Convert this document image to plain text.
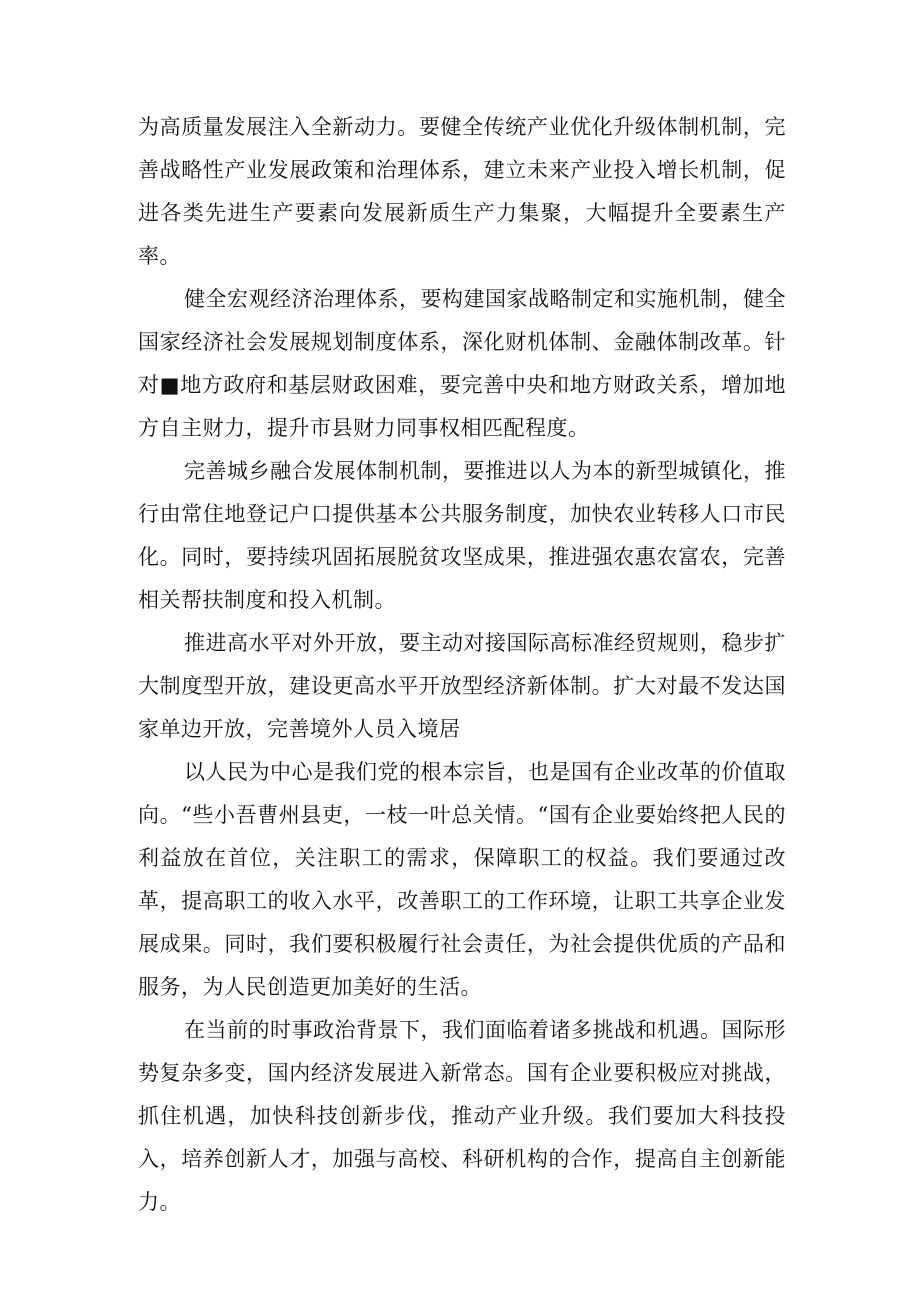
为高质量发展注入全新动力。要健全传统产业优化升级体制机制，完善战略性产业发展政策和治理体系，建立未来产业投入增长机制，促进各类先进生产要素向发展新质生产力集聚，大幅提升全要素生产率。

健全宏观经济治理体系，要构建国家战略制定和实施机制，健全国家经济社会发展规划制度体系，深化财机体制、金融体制改革。针对■地方政府和基层财政困难，要完善中央和地方财政关系，增加地方自主财力，提升市县财力同事权相匹配程度。

完善城乡融合发展体制机制，要推进以人为本的新型城镇化，推行由常住地登记户口提供基本公共服务制度，加快农业转移人口市民化。同时，要持续巩固拓展脱贫攻坚成果，推进强农惠农富农，完善相关帮扶制度和投入机制。

推进高水平对外开放，要主动对接国际高标准经贸规则，稳步扩大制度型开放，建设更高水平开放型经济新体制。扩大对最不发达国家单边开放，完善境外人员入境居

以人民为中心是我们党的根本宗旨，也是国有企业改革的价值取向。“些小吾曹州县吏，一枝一叶总关情。“国有企业要始终把人民的利益放在首位，关注职工的需求，保障职工的权益。我们要通过改革，提高职工的收入水平，改善职工的工作环境，让职工共享企业发展成果。同时，我们要积极履行社会责任，为社会提供优质的产品和服务，为人民创造更加美好的生活。

在当前的时事政治背景下，我们面临着诸多挑战和机遇。国际形势复杂多变，国内经济发展进入新常态。国有企业要积极应对挑战，抓住机遇，加快科技创新步伐，推动产业升级。我们要加大科技投入，培养创新人才，加强与高校、科研机构的合作，提高自主创新能力。
